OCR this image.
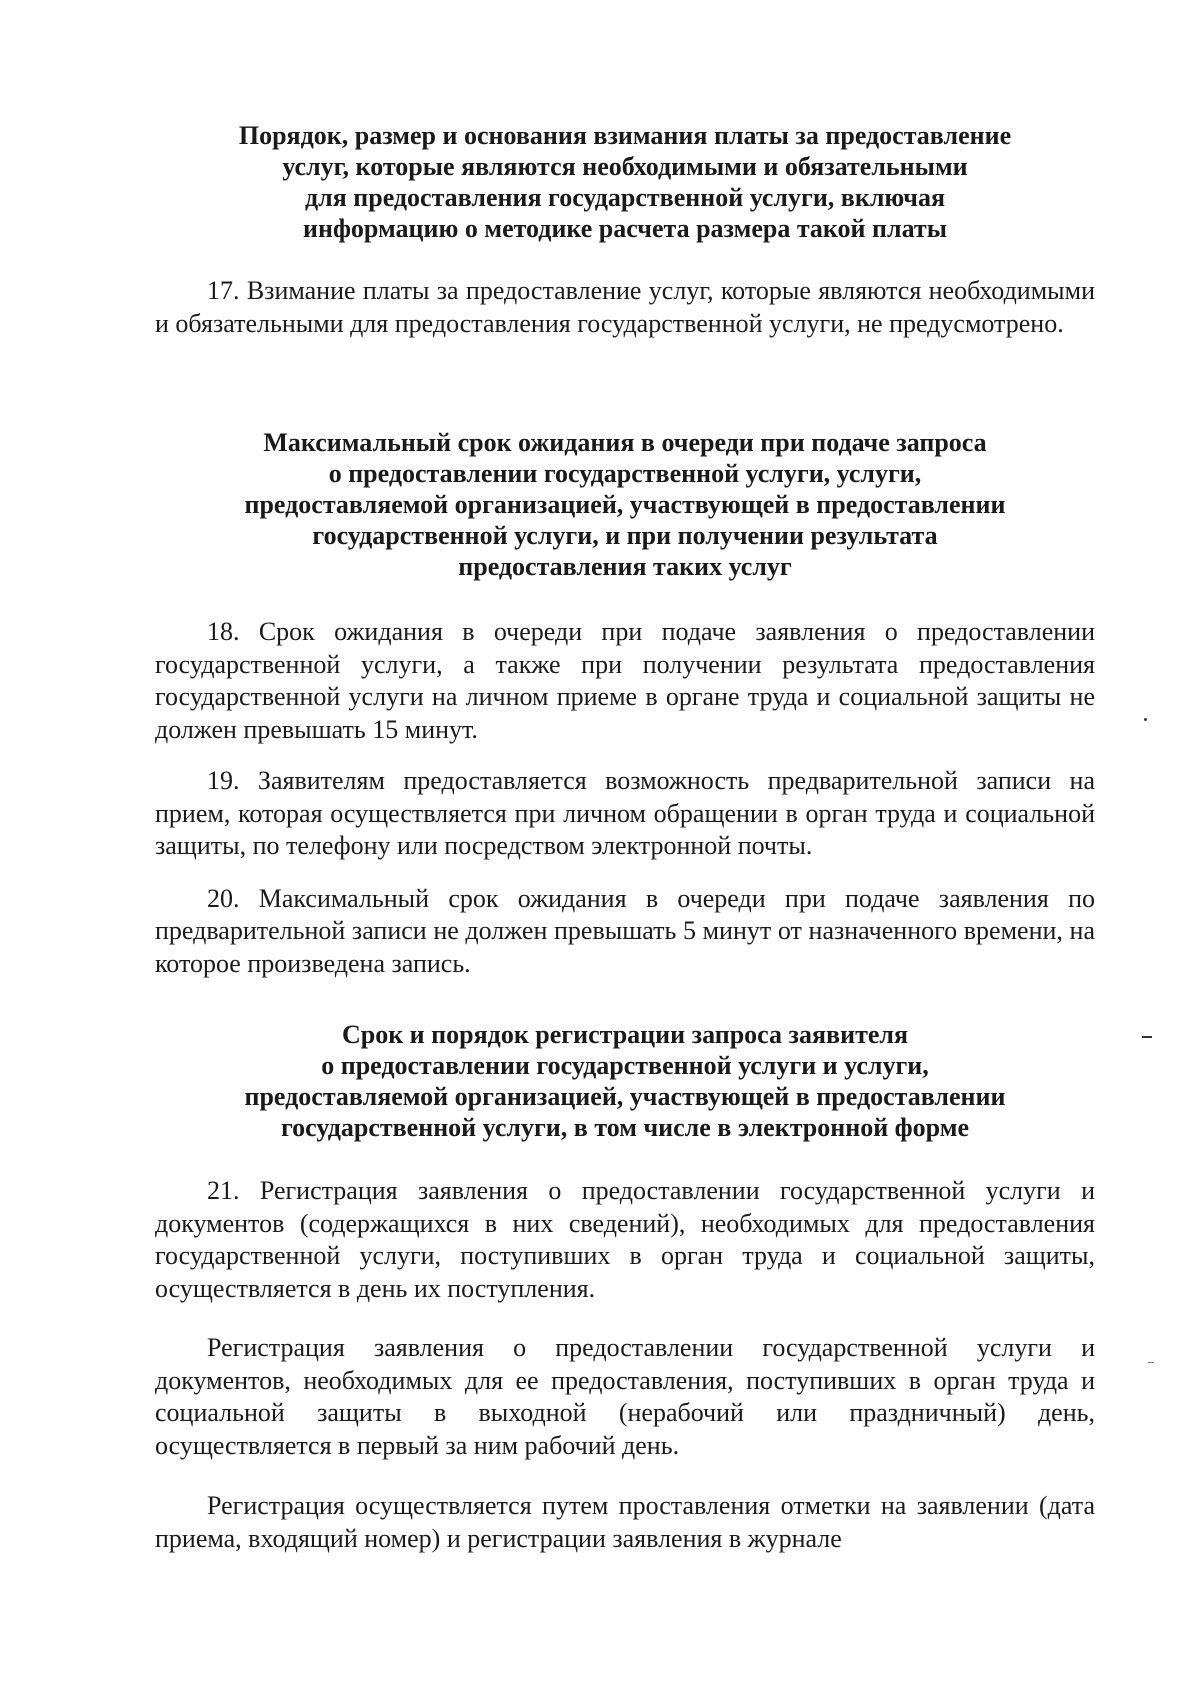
Порядок, размер и основания взимания платы за предоставление
услуг, которые являются необходимыми и обязательными
для предоставления государственной услуги, включая
информацию о методике расчета размера такой платы

17. Взимание платы за предоставление услуг, которые являются необходимыми и обязательными для предоставления государственной услуги, не предусмотрено.

Максимальный срок ожидания в очереди при подаче запроса
о предоставлении государственной услуги, услуги,
предоставляемой организацией, участвующей в предоставлении
государственной услуги, и при получении результата
предоставления таких услуг

18. Срок ожидания в очереди при подаче заявления о предоставлении государственной услуги, а также при получении результата предоставления государственной услуги на личном приеме в органе труда и социальной защиты не должен превышать 15 минут.

19. Заявителям предоставляется возможность предварительной записи на прием, которая осуществляется при личном обращении в орган труда и социальной защиты, по телефону или посредством электронной почты.

20. Максимальный срок ожидания в очереди при подаче заявления по предварительной записи не должен превышать 5 минут от назначенного времени, на которое произведена запись.

Срок и порядок регистрации запроса заявителя
о предоставлении государственной услуги и услуги,
предоставляемой организацией, участвующей в предоставлении
государственной услуги, в том числе в электронной форме

21. Регистрация заявления о предоставлении государственной услуги и документов (содержащихся в них сведений), необходимых для предоставления государственной услуги, поступивших в орган труда и социальной защиты, осуществляется в день их поступления.

Регистрация заявления о предоставлении государственной услуги и документов, необходимых для ее предоставления, поступивших в орган труда и социальной защиты в выходной (нерабочий или праздничный) день, осуществляется в первый за ним рабочий день.

Регистрация осуществляется путем проставления отметки на заявлении (дата приема, входящий номер) и регистрации заявления в журнале
